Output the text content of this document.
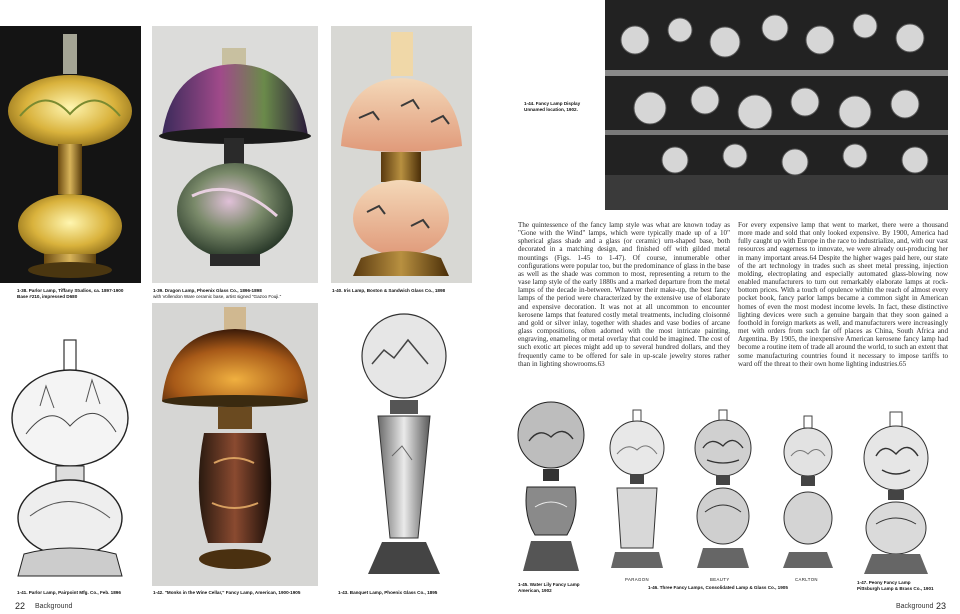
1-38. Parlor Lamp, Tiffany Studios, ca. 1897-1900
Base #210, impressed D680
1-39. Dragon Lamp, Phoenix Glass Co., 1896-1898
with Vollendon Ware ceramic base, artist signed "Gazoo Fouji."
1-40. Iris Lamp, Boston & Sandwich Glass Co., 1898
1-41. Parlor Lamp, Pairpoint Mfg. Co., Feb. 1896	1-42. "Monks in the Wine Cellar," Fancy Lamp, American, 1900-1905	1-43. Banquet Lamp, Phoenix Glass Co., 1895
22 Background
1-44. Fancy Lamp Display
Unnamed location, 1902.
The quintessence of the fancy lamp style was what are known today as "Gone with the Wind" lamps, which were typically made up of a 10" spherical glass shade and a glass (or ceramic) urn-shaped base, both decorated in a matching design, and finished off with gilded metal mountings (Figs. 1-45 to 1-47). Of course, innumerable other configurations were popular too, but the predominance of glass in the base as well as the shade was common to most, representing a return to the vase lamp style of the early 1880s and a marked departure from the metal lamps of the decade in-between. Whatever their make-up, the best fancy lamps of the period were characterized by the extensive use of elaborate and expensive decoration. It was not at all uncommon to encounter kerosene lamps that featured costly metal treatments, including cloisonné and gold or silver inlay, together with shades and vase bodies of arcane glass compositions, often adorned with the most intricate painting, engraving, enameling or metal overlay that could be imagined. The cost of such exotic art pieces might add up to several hundred dollars, and they frequently came to be offered for sale in up-scale jewelry stores rather than in lighting showrooms.63
For every expensive lamp that went to market, there were a thousand more made and sold that only looked expensive. By 1900, America had fully caught up with Europe in the race to industrialize, and, with our vast resources and eagerness to innovate, we were already out-producing her in many important areas.64 Despite the higher wages paid here, our state of the art technology in trades such as sheet metal pressing, injection molding, electroplating and especially automated glass-blowing now enabled manufacturers to turn out remarkably elaborate lamps at rock-bottom prices. With a touch of opulence within the reach of almost every pocket book, fancy parlor lamps became a common sight in American homes of even the most modest income levels. In fact, these distinctive lighting devices were such a genuine bargain that they soon gained a foothold in foreign markets as well, and manufacturers were increasingly met with orders from such far off places as China, South Africa and Argentina. By 1905, the inexpensive American kerosene fancy lamp had become a routine item of trade all around the world, to such an extent that some manufacturing countries found it necessary to impose tariffs to ward off the threat to their own home lighting industries.65
PARAGON	BEAUTY	CARLTON
1-45. Water Lily Fancy Lamp
American, 1902
1-46. Three Fancy Lamps, Consolidated Lamp & Glass Co., 1905
1-47. Peony Fancy Lamp
Pittsburgh Lamp & Brass Co., 1901
Background 23
